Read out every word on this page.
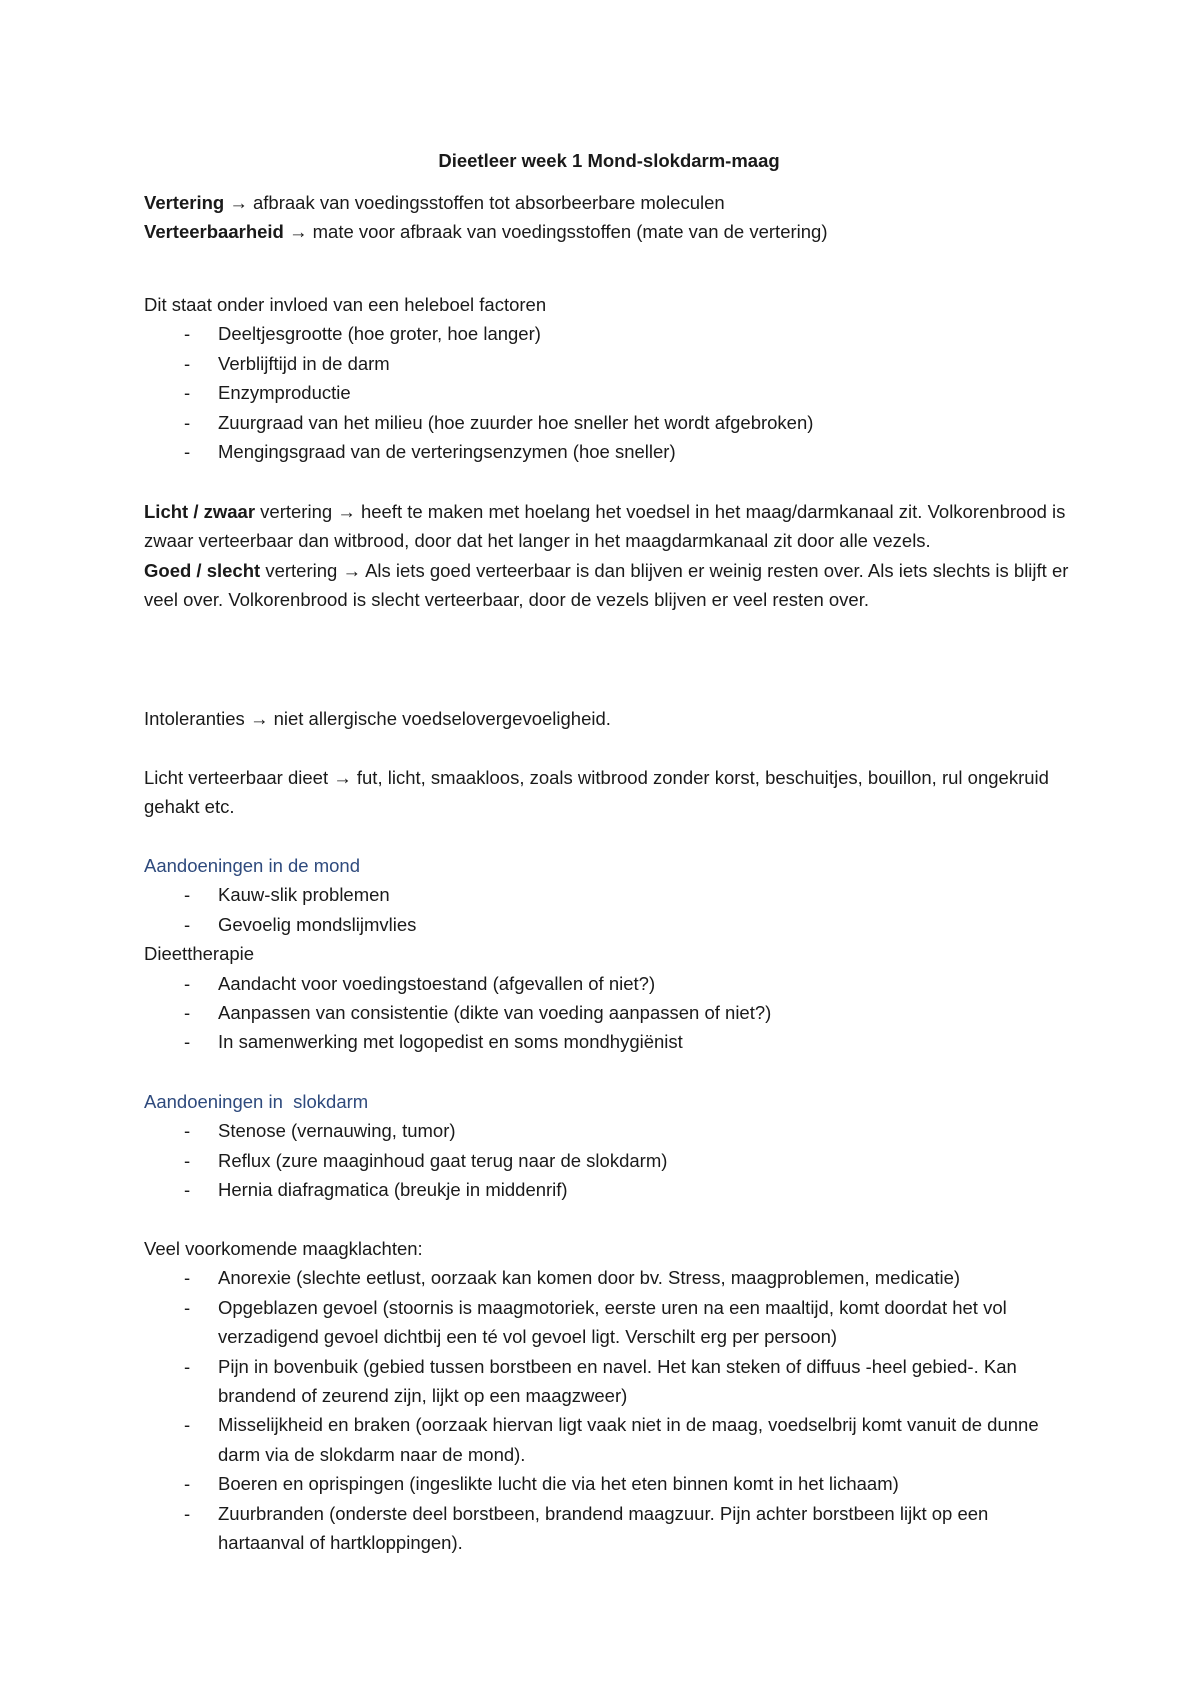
Dieetleer week 1 Mond-slokdarm-maag
Vertering → afbraak van voedingsstoffen tot absorbeerbare moleculen
Verteerbaarheid → mate voor afbraak van voedingsstoffen (mate van de vertering)
Dit staat onder invloed van een heleboel factoren
- Deeltjesgrootte (hoe groter, hoe langer)
- Verblijftijd in de darm
- Enzymproductie
- Zuurgraad van het milieu (hoe zuurder hoe sneller het wordt afgebroken)
- Mengingsgraad van de verteringsenzymen (hoe sneller)
Licht / zwaar vertering → heeft te maken met hoelang het voedsel in het maag/darmkanaal zit. Volkorenbrood is zwaar verteerbaar dan witbrood, door dat het langer in het maagdarmkanaal zit door alle vezels.
Goed / slecht vertering → Als iets goed verteerbaar is dan blijven er weinig resten over. Als iets slechts is blijft er veel over. Volkorenbrood is slecht verteerbaar, door de vezels blijven er veel resten over.
Intoleranties → niet allergische voedselovergevoeligheid.
Licht verteerbaar dieet → fut, licht, smaakloos, zoals witbrood zonder korst, beschuitjes, bouillon, rul ongekruid gehakt etc.
Aandoeningen in de mond
- Kauw-slik problemen
- Gevoelig mondslijmvlies
Dieettherapie
- Aandacht voor voedingstoestand (afgevallen of niet?)
- Aanpassen van consistentie (dikte van voeding aanpassen of niet?)
- In samenwerking met logopedist en soms mondhygiënist
Aandoeningen in  slokdarm
- Stenose (vernauwing, tumor)
- Reflux (zure maaginhoud gaat terug naar de slokdarm)
- Hernia diafragmatica (breukje in middenrif)
Veel voorkomende maagklachten:
- Anorexie (slechte eetlust, oorzaak kan komen door bv. Stress, maagproblemen, medicatie)
- Opgeblazen gevoel (stoornis is maagmotoriek, eerste uren na een maaltijd, komt doordat het vol verzadigend gevoel dichtbij een té vol gevoel ligt. Verschilt erg per persoon)
- Pijn in bovenbuik (gebied tussen borstbeen en navel. Het kan steken of diffuus -heel gebied-. Kan  brandend of zeurend zijn, lijkt op een maagzweer)
- Misselijkheid en braken (oorzaak hiervan ligt vaak niet in de maag, voedselbrij komt vanuit de dunne darm via de slokdarm naar de mond).
- Boeren en oprispingen (ingeslikte lucht die via het eten binnen komt in het lichaam)
- Zuurbranden (onderste deel borstbeen, brandend maagzuur. Pijn achter borstbeen lijkt op een hartaanval of hartkloppingen).
